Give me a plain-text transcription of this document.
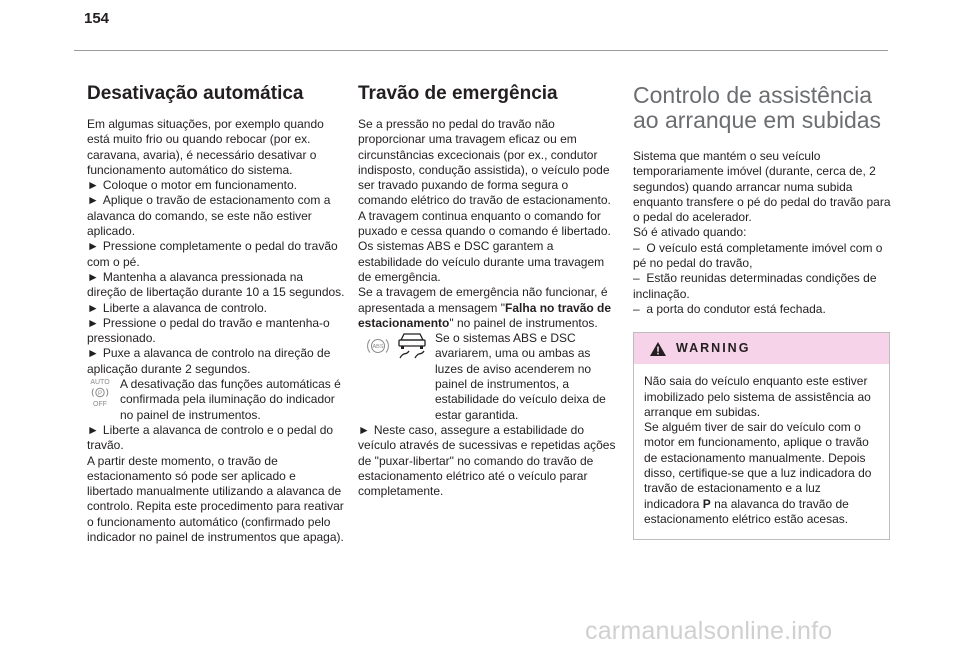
154
Desativação automática

Em algumas situações, por exemplo quando está muito frio ou quando rebocar (por ex. caravana, avaria), é necessário desativar o funcionamento automático do sistema.

► Coloque o motor em funcionamento.

► Aplique o travão de estacionamento com a alavanca do comando, se este não estiver aplicado.

► Pressione completamente o pedal do travão com o pé.

► Mantenha a alavanca pressionada na direção de libertação durante 10 a 15 segundos.

► Liberte a alavanca de controlo.

► Pressione o pedal do travão e mantenha-o pressionado.

► Puxe a alavanca de controlo na direção de aplicação durante 2 segundos.

AUTO
P
OFF
A desativação das funções automáticas é confirmada pela iluminação do indicador no painel de instrumentos.

► Liberte a alavanca de controlo e o pedal do travão.

A partir deste momento, o travão de estacionamento só pode ser aplicado e libertado manualmente utilizando a alavanca de controlo. Repita este procedimento para reativar o funcionamento automático (confirmado pelo indicador no painel de instrumentos que apaga).

Travão de emergência

Se a pressão no pedal do travão não proporcionar uma travagem eficaz ou em circunstâncias excecionais (por ex., condutor indisposto, condução assistida), o veículo pode ser travado puxando de forma segura o comando elétrico do travão de estacionamento.

A travagem continua enquanto o comando for puxado e cessa quando o comando é libertado.

Os sistemas ABS e DSC garantem a estabilidade do veículo durante uma travagem de emergência.

Se a travagem de emergência não funcionar, é apresentada a mensagem "Falha no travão de estacionamento" no painel de instrumentos.

ABS
Se o sistemas ABS e DSC avariarem, uma ou ambas as luzes de aviso acenderem no painel de instrumentos, a estabilidade do veículo deixa de estar garantida.

► Neste caso, assegure a estabilidade do veículo através de sucessivas e repetidas ações de "puxar-libertar" no comando do travão de estacionamento elétrico até o veículo parar completamente.

Controlo de assistência ao arranque em subidas

Sistema que mantém o seu veículo temporariamente imóvel (durante, cerca de, 2 segundos) quando arrancar numa subida enquanto transfere o pé do pedal do travão para o pedal do acelerador.

Só é ativado quando:

–  O veículo está completamente imóvel com o pé no pedal do travão,

–  Estão reunidas determinadas condições de inclinação.

–  a porta do condutor está fechada.

WARNING

Não saia do veículo enquanto este estiver imobilizado pelo sistema de assistência ao arranque em subidas.

Se alguém tiver de sair do veículo com o motor em funcionamento, aplique o travão de estacionamento manualmente. Depois disso, certifique-se que a luz indicadora do travão de estacionamento e a luz indicadora P na alavanca do travão de estacionamento elétrico estão acesas.

carmanualsonline.info
